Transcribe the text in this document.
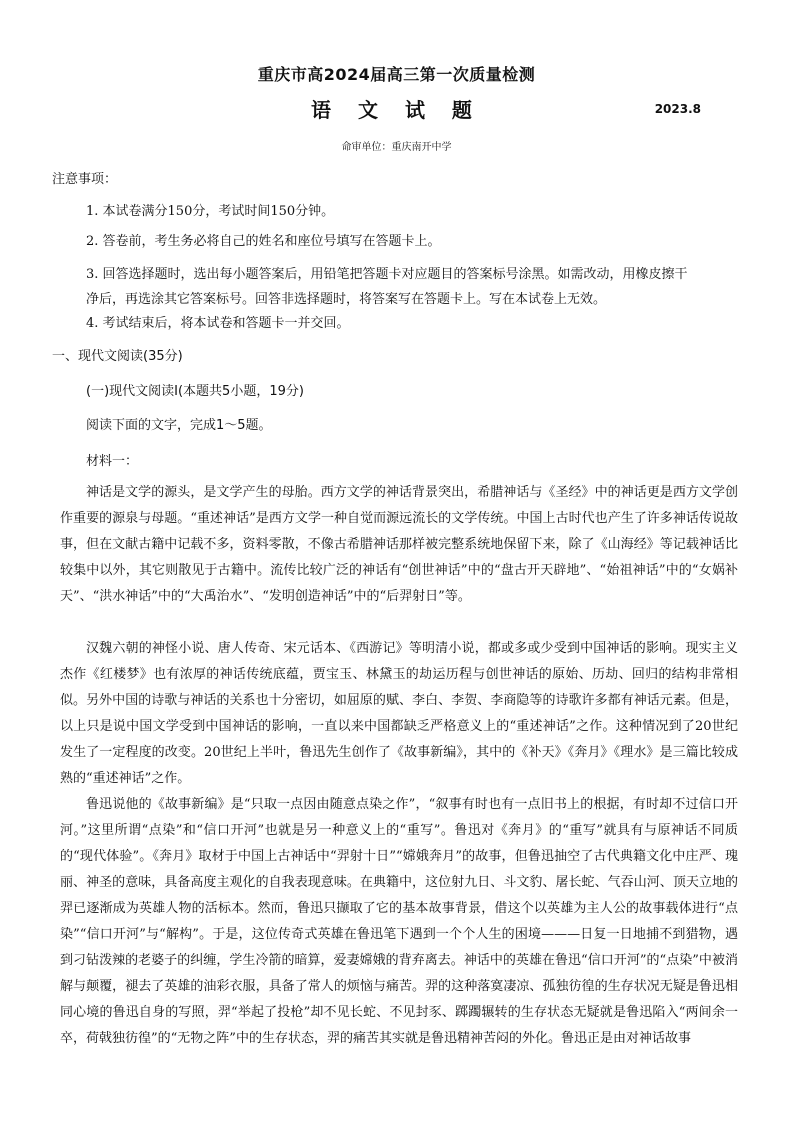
重庆市高2024届高三第一次质量检测
语 文 试 题	2023.8
命审单位：重庆南开中学
注意事项：
1. 本试卷满分150分，考试时间150分钟。
2. 答卷前，考生务必将自己的姓名和座位号填写在答题卡上。
3. 回答选择题时，选出每小题答案后，用铅笔把答题卡对应题目的答案标号涂黑。如需改动，用橡皮擦干
净后，再选涂其它答案标号。回答非选择题时，将答案写在答题卡上。写在本试卷上无效。
4. 考试结束后，将本试卷和答题卡一并交回。
一、现代文阅读(35分)
(一)现代文阅读I(本题共5小题，19分)
阅读下面的文字，完成1～5题。
材料一：
神话是文学的源头，是文学产生的母胎。西方文学的神话背景突出，希腊神话与《圣经》中的神话更是西方文学创作重要的源泉与母题。“重述神话”是西方文学一种自觉而源远流长的文学传统。中国上古时代也产生了许多神话传说故事，但在文献古籍中记载不多，资料零散，不像古希腊神话那样被完整系统地保留下来，除了《山海经》等记载神话比较集中以外，其它则散见于古籍中。流传比较广泛的神话有“创世神话”中的“盘古开天辟地”、“始祖神话”中的“女娲补天”、“洪水神话”中的“大禹治水”、“发明创造神话”中的“后羿射日”等。
汉魏六朝的神怪小说、唐人传奇、宋元话本、《西游记》等明清小说，都或多或少受到中国神话的影响。现实主义杰作《红楼梦》也有浓厚的神话传统底蕴，贾宝玉、林黛玉的劫运历程与创世神话的原始、历劫、回归的结构非常相似。另外中国的诗歌与神话的关系也十分密切，如屈原的赋、李白、李贺、李商隐等的诗歌许多都有神话元素。但是，以上只是说中国文学受到中国神话的影响，一直以来中国都缺乏严格意义上的“重述神话”之作。这种情况到了20世纪发生了一定程度的改变。20世纪上半叶，鲁迅先生创作了《故事新编》，其中的《补天》《奔月》《理水》是三篇比较成熟的“重述神话”之作。
鲁迅说他的《故事新编》是“只取一点因由随意点染之作”，“叙事有时也有一点旧书上的根据，有时却不过信口开河。”这里所谓“点染”和“信口开河”也就是另一种意义上的“重写”。鲁迅对《奔月》的“重写”就具有与原神话不同质的“现代体验”。《奔月》取材于中国上古神话中“羿射十日”“嫦娥奔月”的故事，但鲁迅抽空了古代典籍文化中庄严、瑰丽、神圣的意味，具备高度主观化的自我表现意味。在典籍中，这位射九日、斗文豹、屠长蛇、气吞山河、顶天立地的羿已逐渐成为英雄人物的活标本。然而，鲁迅只撷取了它的基本故事背景，借这个以英雄为主人公的故事载体进行“点染”“信口开河”与“解构”。于是，这位传奇式英雄在鲁迅笔下遇到一个个人生的困境———日复一日地捕不到猎物，遇到刁钻泼辣的老婆子的纠缠，学生冷箭的暗算，爱妻嫦娥的背弃离去。神话中的英雄在鲁迅“信口开河”的“点染”中被消解与颠覆，褪去了英雄的油彩衣服，具备了常人的烦恼与痛苦。羿的这种落寞凄凉、孤独彷徨的生存状况无疑是鲁迅相同心境的鲁迅自身的写照，羿“举起了投枪”却不见长蛇、不见封豕、踯躅辗转的生存状态无疑就是鲁迅陷入“两间余一卒，荷戟独彷徨”的“无物之阵”中的生存状态，羿的痛苦其实就是鲁迅精神苦闷的外化。鲁迅正是由对神话故事
